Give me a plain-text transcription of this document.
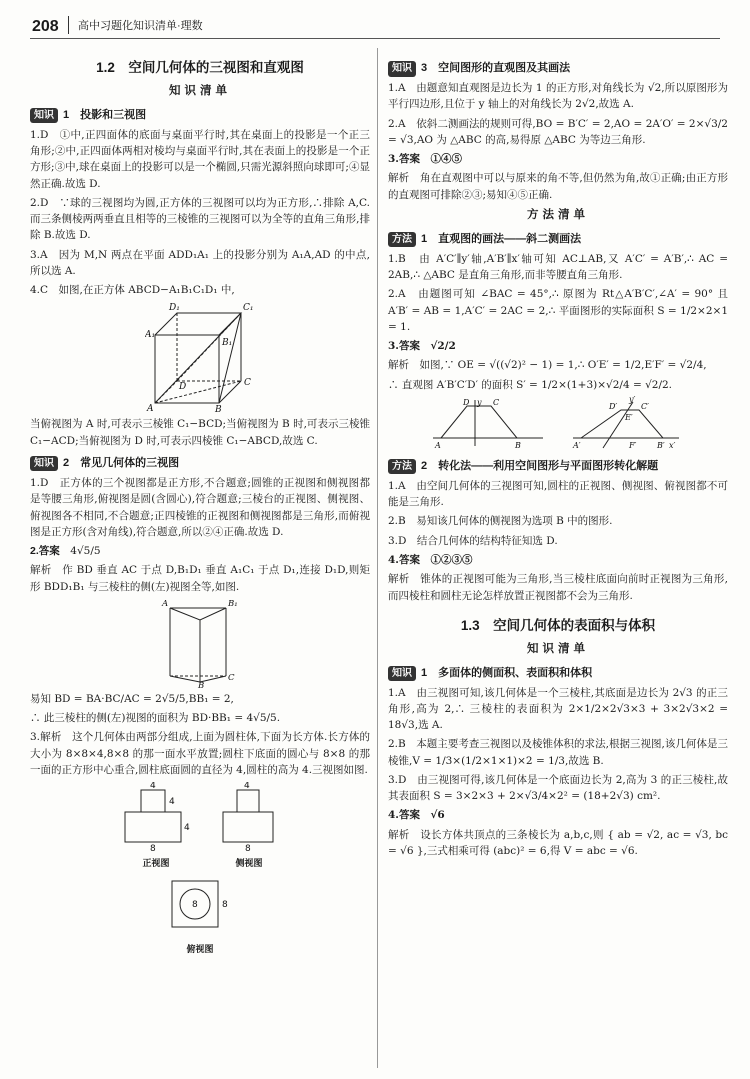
208 高中习题化知识清单·理数
1.2　空间几何体的三视图和直观图
知识清单
知识 1　 投影和三视图
1.D　①中,正四面体的底面与桌面平行时,其在桌面上的投影是一个正三角形;②中,正四面体两相对棱均与桌面平行时,其在表面上的投影是一个正方形;③中,球在桌面上的投影可以是一个椭圆,只需光源斜照向球即可;④显然正确.故选 D.
2.D　∵球的三视图均为圆,正方体的三视图可以均为正方形,∴排除 A,C.而三条侧棱两两垂直且相等的三棱锥的三视图可以为全等的直角三角形,排除 B.故选 D.
3.A　因为 M,N 两点在平面 ADD₁A₁ 上的投影分别为 A₁A,AD 的中点,所以选 A.
4.C　如图,在正方体 ABCD−A₁B₁C₁D₁ 中,
D₁	C₁
A₁
B₁
D	C
A	B
当俯视图为 A 时,可表示三棱锥 C₁−BCD;当俯视图为 B 时,可表示三棱锥 C₁−ACD;当俯视图为 D 时,可表示四棱锥 C₁−ABCD,故选 C.
知识 2　 常见几何体的三视图
1.D　正方体的三个视图都是正方形,不合题意;圆锥的正视图和侧视图都是等腰三角形,俯视图是圆(含圆心),符合题意;三棱台的正视图、侧视图、俯视图各不相同,不合题意;正四棱锥的正视图和侧视图都是三角形,而俯视图是正方形(含对角线),符合题意,所以②④正确.故选 D.
2.答案　 4√5/5
解析　作 BD 垂直 AC 于点 D,B₁D₁ 垂直 A₁C₁ 于点 D₁,连接 D₁D,则矩形 BDD₁B₁ 与三棱柱的侧(左)视图全等,如图.
A	B₁
B
C
易知 BD = BA·BC/AC = 2√5/5,BB₁ = 2,
∴ 此三棱柱的侧(左)视图的面积为 BD·BB₁ = 4√5/5.
3.解析　这个几何体由两部分组成,上面为圆柱体,下面为长方体.长方体的大小为 8×8×4,8×8 的那一面水平放置;圆柱下底面的圆心与 8×8 的那一面的正方形中心重合,圆柱底面圆的直径为 4,圆柱的高为 4.三视图如图.
4
4
4
8
正视图
4
8
侧视图
8	8
俯视图
知识 3　 空间图形的直观图及其画法
1.A　由题意知直观图是边长为 1 的正方形,对角线长为 √2,所以原图形为平行四边形,且位于 y 轴上的对角线长为 2√2,故选 A.
2.A　依斜二测画法的规则可得,BO = B′C′ = 2,AO = 2A′O′ = 2×√3/2 = √3,AO 为 △ABC 的高,易得原 △ABC 为等边三角形.
3.答案　①④⑤
解析　角在直观图中可以与原来的角不等,但仍然为角,故①正确;由正方形的直观图可排除②③;易知④⑤正确.
方法清单
方法 1　 直观图的画法——斜二测画法
1.B　由 A′C′∥y′轴,A′B′∥x′轴可知 AC⊥AB,又 A′C′ = A′B′,∴ AC = 2AB,∴ △ABC 是直角三角形,而非等腰直角三角形.
2.A　由题图可知 ∠BAC = 45°,∴ 原图为 Rt△A′B′C′,∠A′ = 90° 且 A′B′ = AB = 1,A′C′ = 2AC = 2,∴ 平面图形的实际面积 S = 1/2×2×1 = 1.
3.答案　√2/2
解析　如图,∵ OE = √((√2)² − 1) = 1,∴ O′E′ = 1/2,E′F′ = √2/4,
∴ 直观图 A′B′C′D′ 的面积 S′ = 1/2×(1+3)×√2/4 = √2/2.
D	C
A	B
y	y′
D′	C′
E′
A′	F′	B′ x′
方法 2　 转化法——利用空间图形与平面图形转化解题
1.A　由空间几何体的三视图可知,圆柱的正视图、侧视图、俯视图都不可能是三角形.
2.B　易知该几何体的侧视图为选项 B 中的图形.
3.D　结合几何体的结构特征知选 D.
4.答案　①②③⑤
解析　锥体的正视图可能为三角形,当三棱柱底面向前时正视图为三角形,而四棱柱和圆柱无论怎样放置正视图都不会为三角形.
1.3　空间几何体的表面积与体积
知识清单
知识 1　 多面体的侧面积、表面积和体积
1.A　由三视图可知,该几何体是一个三棱柱,其底面是边长为 2√3 的正三角形,高为 2,∴ 三棱柱的表面积为 2×1/2×2√3×3 + 3×2√3×2 = 18√3,选 A.
2.B　本题主要考查三视图以及棱锥体积的求法,根据三视图,该几何体是三棱锥,V = 1/3×(1/2×1×1)×2 = 1/3,故选 B.
3.D　由三视图可得,该几何体是一个底面边长为 2,高为 3 的正三棱柱,故其表面积 S = 3×2×3 + 2×√3/4×2² = (18+2√3) cm².
4.答案　√6
解析　设长方体共顶点的三条棱长为 a,b,c,则 { ab = √2, ac = √3, bc = √6 },三式相乘可得 (abc)² = 6,得 V = abc = √6.
